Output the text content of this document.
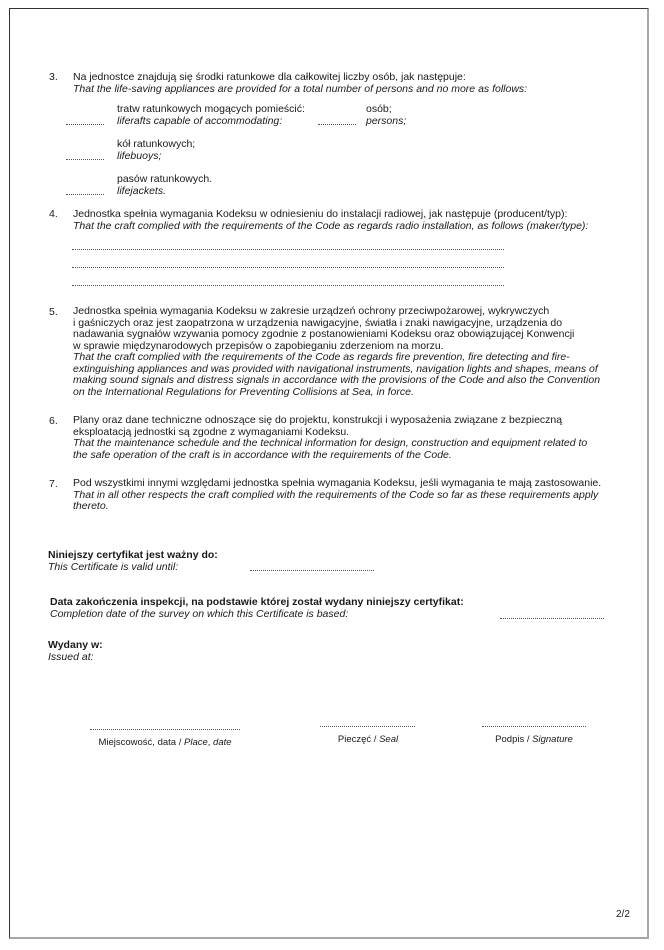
3. Na jednostce znajdują się środki ratunkowe dla całkowitej liczby osób, jak następuje:
That the life-saving appliances are provided for a total number of persons and no more as follows:
tratw ratunkowych mogących pomieścić:
liferafts capable of accommodating:
osób;
persons;
kół ratunkowych;
lifebuoys;
pasów ratunkowych.
lifejackets.
4. Jednostka spełnia wymagania Kodeksu w odniesieniu do instalacji radiowej, jak następuje (producent/typ):
That the craft complied with the requirements of the Code as regards radio installation, as follows (maker/type):
5. Jednostka spełnia wymagania Kodeksu w zakresie urządzeń ochrony przeciwpożarowej, wykrywczych
i gaśniczych oraz jest zaopatrzona w urządzenia nawigacyjne, światła i znaki nawigacyjne, urządzenia do
nadawania sygnałów wzywania pomocy zgodnie z postanowieniami Kodeksu oraz obowiązującej Konwencji
w sprawie międzynarodowych przepisów o zapobieganiu zderzeniom na morzu.
That the craft complied with the requirements of the Code as regards fire prevention, fire detecting and fire-
extinguishing appliances and was provided with navigational instruments, navigation lights and shapes, means of
making sound signals and distress signals in accordance with the provisions of the Code and also the Convention
on the International Regulations for Preventing Collisions at Sea, in force.
6. Plany oraz dane techniczne odnoszące się do projektu, konstrukcji i wyposażenia związane z bezpieczną
eksploatacją jednostki są zgodne z wymaganiami Kodeksu.
That the maintenance schedule and the technical information for design, construction and equipment related to
the safe operation of the craft is in accordance with the requirements of the Code.
7. Pod wszystkimi innymi względami jednostka spełnia wymagania Kodeksu, jeśli wymagania te mają zastosowanie.
That in all other respects the craft complied with the requirements of the Code so far as these requirements apply
thereto.
Niniejszy certyfikat jest ważny do:
This Certificate is valid until:
Data zakończenia inspekcji, na podstawie której został wydany niniejszy certyfikat:
Completion date of the survey on which this Certificate is based:
Wydany w:
Issued at:
Miejscowość, data / Place, date	Pieczęć / Seal	Podpis / Signature
2/2
